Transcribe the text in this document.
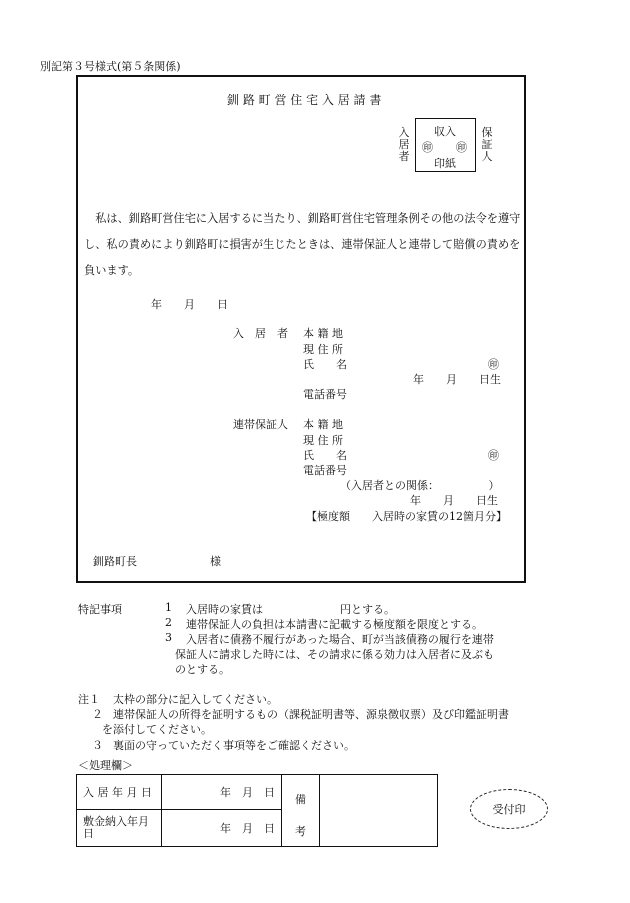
別記第３号様式(第５条関係)
釧 路 町 営 住 宅 入 居 請 書
入居者
収入
㊞ ㊞
印紙
保証人
私は、釧路町営住宅に入居するに当たり、釧路町営住宅管理条例その他の法令を遵守し、私の責めにより釧路町に損害が生じたときは、連帯保証人と連帯して賠償の責めを負います。
年　　月　　日
入　居　者 本 籍 地
現 住 所
氏　　名	㊞
年　　月　　日生
電話番号
連帯保証人 本 籍 地
現 住 所
氏　　名	㊞
電話番号
（入居者との関係：　　　　　）
年　　月　　日生
【極度額　　入居時の家賃の12箇月分】
釧路町長	様
特記事項	1 入居時の家賃は　　　　　　　円とする。
2 連帯保証人の負担は本請書に記載する極度額を限度とする。
3 入居者に債務不履行があった場合、町が当該債務の履行を連帯
保証人に請求した時には、その請求に係る効力は入居者に及ぶも
のとする。
注１ 太枠の部分に記入してください。
２ 連帯保証人の所得を証明するもの（課税証明書等、源泉徴収票）及び印鑑証明書
を添付してください。
３ 裏面の守っていただく事項等をご確認ください。
＜処理欄＞
入 居 年 月 日	年　月　日	備
考	

敷金納入年月
日	年　月　日		
受付印
